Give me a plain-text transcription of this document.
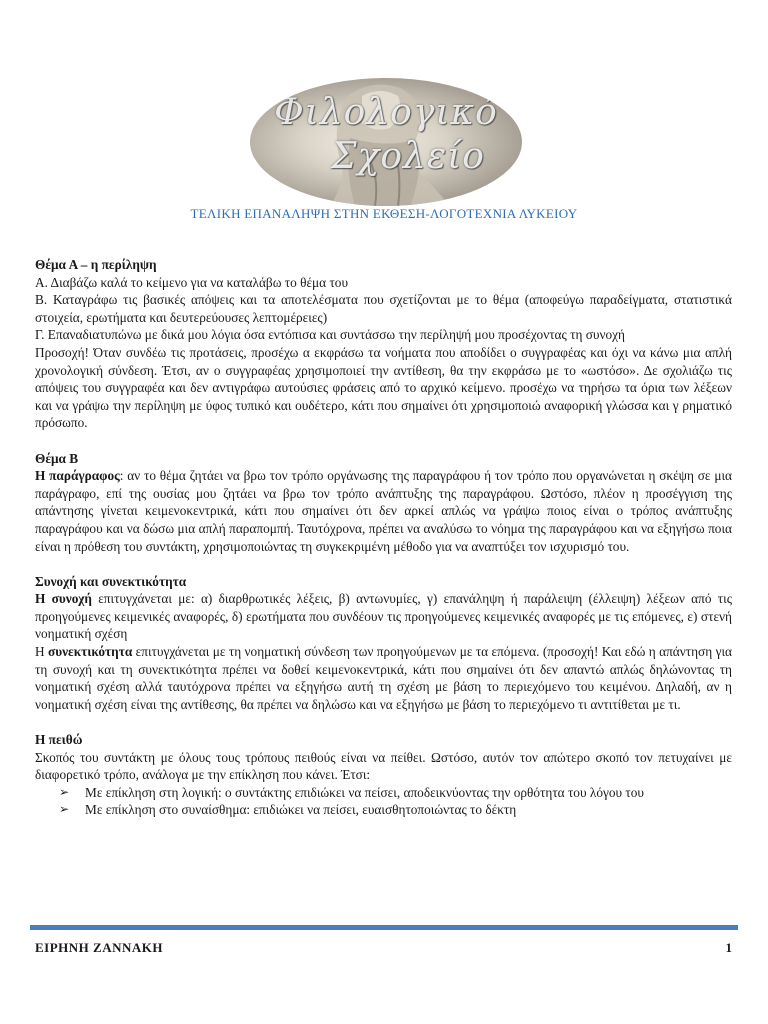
Φιλολογικό
Σχολείο
ΤΕΛΙΚΗ ΕΠΑΝΑΛΗΨΗ ΣΤΗΝ ΕΚΘΕΣΗ-ΛΟΓΟΤΕΧΝΙΑ ΛΥΚΕΙΟΥ

Θέμα Α – η περίληψη

Α. Διαβάζω καλά το κείμενο για να καταλάβω το θέμα του

Β. Καταγράφω τις βασικές απόψεις και τα αποτελέσματα που σχετίζονται με το θέμα (αποφεύγω παραδείγματα, στατιστικά στοιχεία, ερωτήματα και δευτερεύουσες λεπτομέρειες)

Γ. Επαναδιατυπώνω με δικά μου λόγια όσα εντόπισα και συντάσσω την περίληψή μου προσέχοντας τη συνοχή

Προσοχή! Όταν συνδέω τις προτάσεις, προσέχω α εκφράσω τα νοήματα που αποδίδει ο συγγραφέας και όχι να κάνω μια απλή χρονολογική σύνδεση. Έτσι, αν ο συγγραφέας χρησιμοποιεί την αντίθεση, θα την εκφράσω με το «ωστόσο». Δε σχολιάζω τις απόψεις του συγγραφέα και δεν αντιγράφω αυτούσιες φράσεις από το αρχικό κείμενο. προσέχω να τηρήσω τα όρια των λέξεων και να γράψω την περίληψη με ύφος τυπικό και ουδέτερο, κάτι που σημαίνει ότι χρησιμοποιώ αναφορική γλώσσα και γ ρηματικό πρόσωπο.

Θέμα Β

Η παράγραφος: αν το θέμα ζητάει να βρω τον τρόπο οργάνωσης της παραγράφου ή τον τρόπο που οργανώνεται η σκέψη σε μια παράγραφο, επί της ουσίας μου ζητάει να βρω τον τρόπο ανάπτυξης της παραγράφου. Ωστόσο, πλέον η προσέγγιση της απάντησης γίνεται κειμενοκεντρικά, κάτι που σημαίνει ότι δεν αρκεί απλώς να γράψω ποιος είναι ο τρόπος ανάπτυξης παραγράφου και να δώσω μια απλή παραπομπή. Ταυτόχρονα, πρέπει να αναλύσω το νόημα της παραγράφου και να εξηγήσω ποια είναι η πρόθεση του συντάκτη, χρησιμοποιώντας τη συγκεκριμένη μέθοδο για να αναπτύξει τον ισχυρισμό του.

Συνοχή και συνεκτικότητα

Η συνοχή επιτυγχάνεται με: α) διαρθρωτικές λέξεις, β) αντωνυμίες, γ) επανάληψη ή παράλειψη (έλλειψη) λέξεων από τις προηγούμενες κειμενικές αναφορές, δ) ερωτήματα που συνδέουν τις προηγούμενες κειμενικές αναφορές με τις επόμενες, ε) στενή νοηματική σχέση

Η συνεκτικότητα επιτυγχάνεται με τη νοηματική σύνδεση των προηγούμενων με τα επόμενα. (προσοχή! Και εδώ η απάντηση για τη συνοχή και τη συνεκτικότητα πρέπει να δοθεί κειμενοκεντρικά, κάτι που σημαίνει ότι δεν απαντώ απλώς δηλώνοντας τη νοηματική σχέση αλλά ταυτόχρονα πρέπει να εξηγήσω αυτή τη σχέση με βάση το περιεχόμενο του κειμένου. Δηλαδή, αν η νοηματική σχέση είναι της αντίθεσης, θα πρέπει να δηλώσω και να εξηγήσω με βάση το περιεχόμενο τι αντιτίθεται με τι.

Η πειθώ

Σκοπός του συντάκτη με όλους τους τρόπους πειθούς είναι να πείθει. Ωστόσο, αυτόν τον απώτερο σκοπό τον πετυχαίνει με διαφορετικό τρόπο, ανάλογα με την επίκληση που κάνει. Έτσι:

➢ Με επίκληση στη λογική: ο συντάκτης επιδιώκει να πείσει, αποδεικνύοντας την ορθότητα του λόγου του
➢ Με επίκληση στο συναίσθημα: επιδιώκει να πείσει, ευαισθητοποιώντας το δέκτη
ΕΙΡΗΝΗ ΖΑΝΝΑΚΗ	1
